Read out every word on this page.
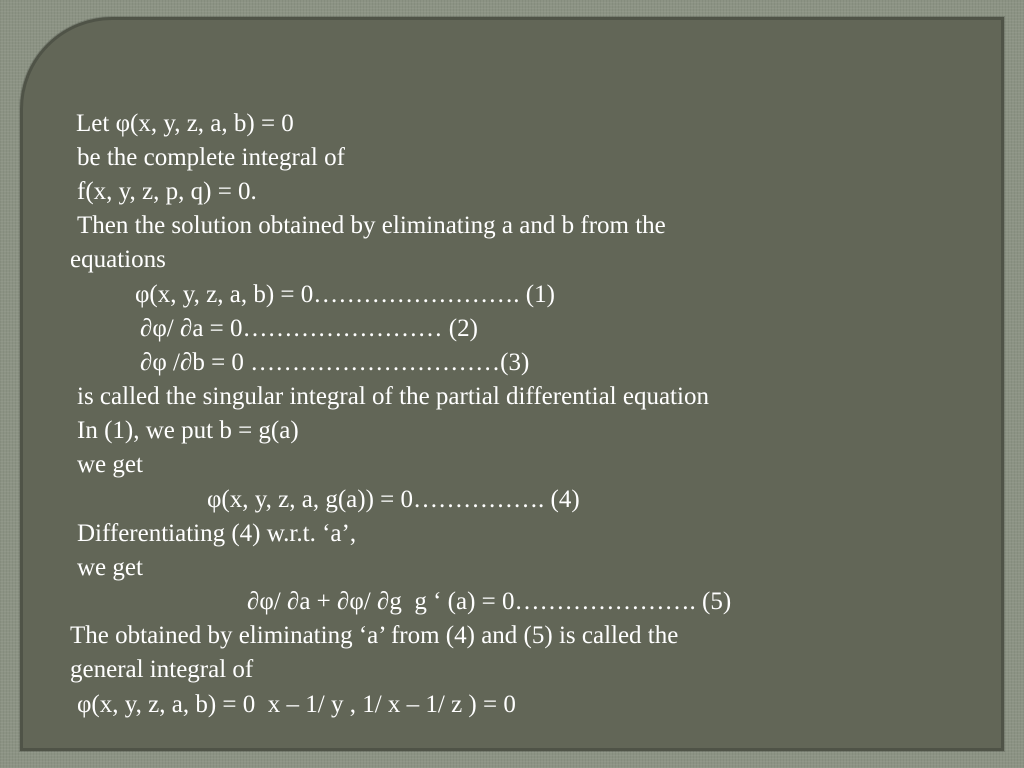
Let φ(x, y, z, a, b) = 0
be the complete integral of
f(x, y, z, p, q) = 0.
Then the solution obtained by eliminating a and b from the
equations
φ(x, y, z, a, b) = 0……………………. (1)
∂φ/ ∂a = 0…………………… (2)
∂φ /∂b = 0 …………………………(3)
is called the singular integral of the partial differential equation
In (1), we put b = g(a)
we get
φ(x, y, z, a, g(a)) = 0……………. (4)
Differentiating (4) w.r.t. ‘a’,
we get
∂φ/ ∂a + ∂φ/ ∂g  g ‘ (a) = 0…………………. (5)
The obtained by eliminating ‘a’ from (4) and (5) is called the
general integral of
φ(x, y, z, a, b) = 0  x – 1/ y , 1/ x – 1/ z ) = 0
